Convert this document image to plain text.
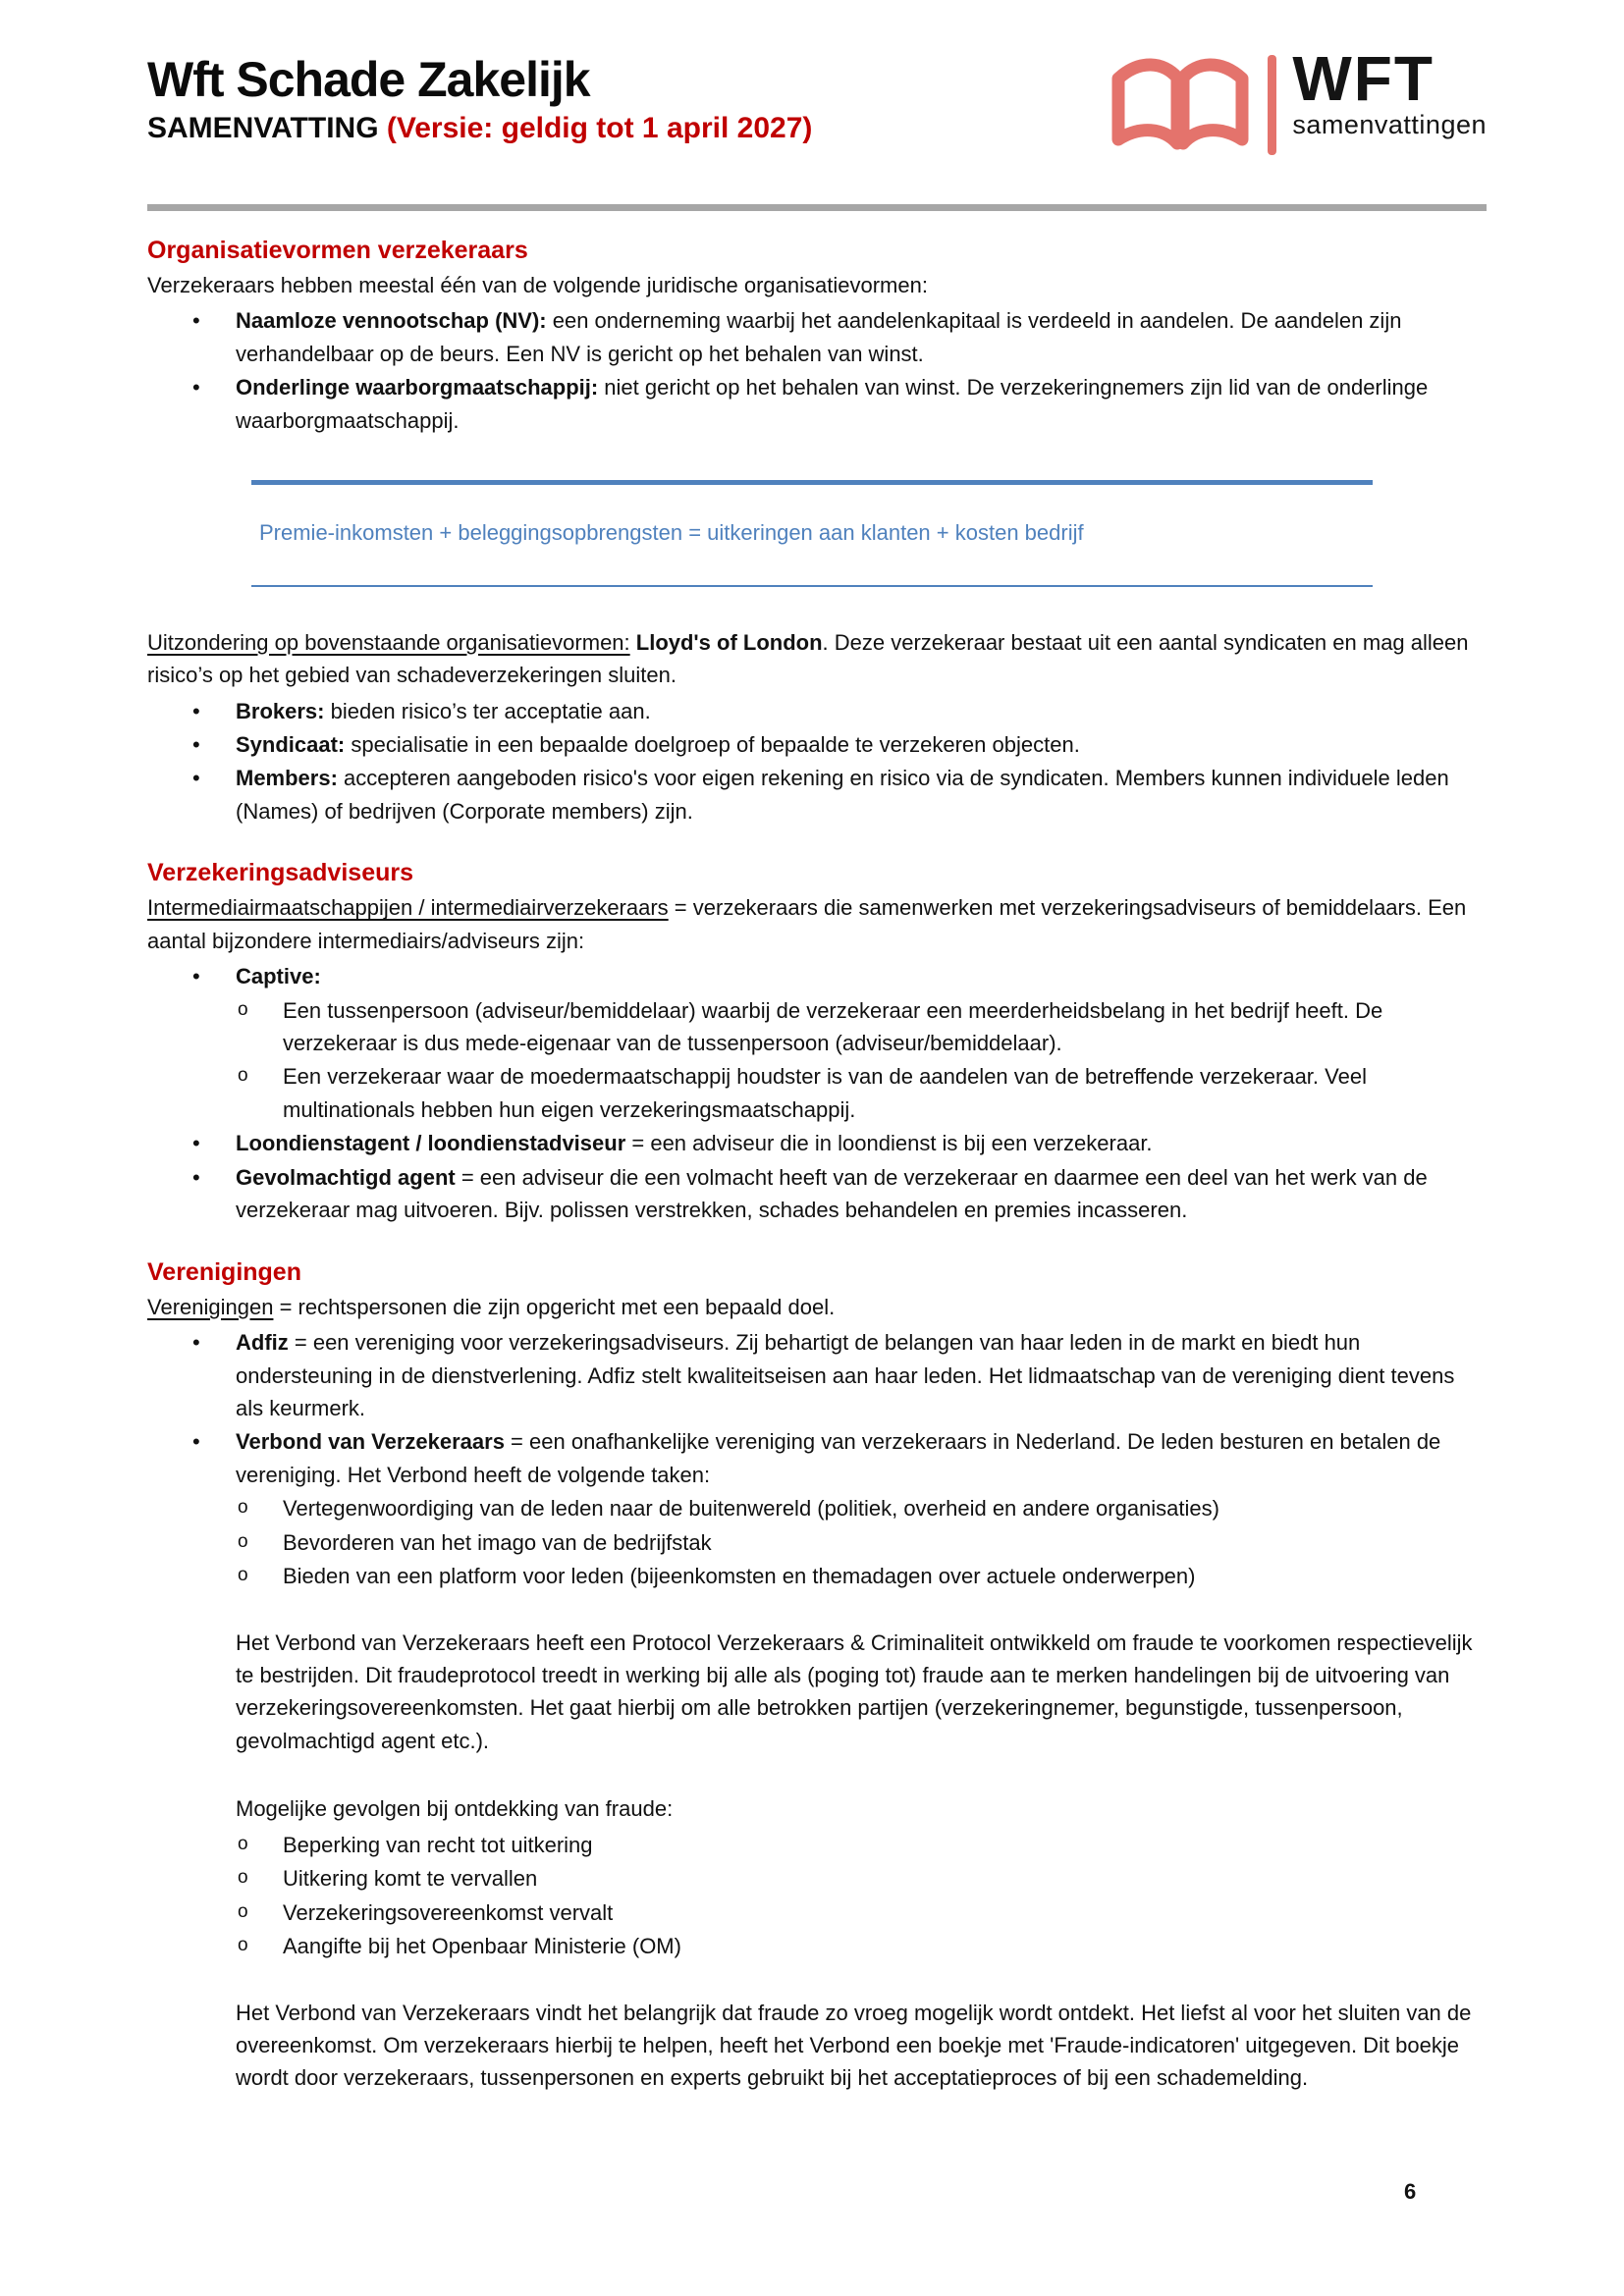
Wft Schade Zakelijk
SAMENVATTING (Versie: geldig tot 1 april 2027)
WFT
samenvattingen
Organisatievormen verzekeraars

Verzekeraars hebben meestal één van de volgende juridische organisatievormen:

•	Naamloze vennootschap (NV): een onderneming waarbij het aandelenkapitaal is verdeeld in aandelen. De aandelen zijn verhandelbaar op de beurs. Een NV is gericht op het behalen van winst.
•	Onderlinge waarborgmaatschappij: niet gericht op het behalen van winst. De verzekeringnemers zijn lid van de onderlinge waarborgmaatschappij.

Premie-inkomsten + beleggingsopbrengsten = uitkeringen aan klanten + kosten bedrijf

Uitzondering op bovenstaande organisatievormen: Lloyd's of London. Deze verzekeraar bestaat uit een aantal syndicaten en mag alleen risico’s op het gebied van schadeverzekeringen sluiten.

•	Brokers: bieden risico’s ter acceptatie aan.
•	Syndicaat: specialisatie in een bepaalde doelgroep of bepaalde te verzekeren objecten.
•	Members: accepteren aangeboden risico's voor eigen rekening en risico via de syndicaten. Members kunnen individuele leden (Names) of bedrijven (Corporate members) zijn.
Verzekeringsadviseurs

Intermediairmaatschappijen / intermediairverzekeraars = verzekeraars die samenwerken met verzekeringsadviseurs of bemiddelaars. Een aantal bijzondere intermediairs/adviseurs zijn:

•	Captive:
o	Een tussenpersoon (adviseur/bemiddelaar) waarbij de verzekeraar een meerderheidsbelang in het bedrijf heeft. De verzekeraar is dus mede-eigenaar van de tussenpersoon (adviseur/bemiddelaar).
o	Een verzekeraar waar de moedermaatschappij houdster is van de aandelen van de betreffende verzekeraar. Veel multinationals hebben hun eigen verzekeringsmaatschappij.
•	Loondienstagent / loondienstadviseur = een adviseur die in loondienst is bij een verzekeraar.
•	Gevolmachtigd agent = een adviseur die een volmacht heeft van de verzekeraar en daarmee een deel van het werk van de verzekeraar mag uitvoeren. Bijv. polissen verstrekken, schades behandelen en premies incasseren.
Verenigingen

Verenigingen = rechtspersonen die zijn opgericht met een bepaald doel.

•	Adfiz = een vereniging voor verzekeringsadviseurs. Zij behartigt de belangen van haar leden in de markt en biedt hun ondersteuning in de dienstverlening. Adfiz stelt kwaliteitseisen aan haar leden. Het lidmaatschap van de vereniging dient tevens als keurmerk.
•	Verbond van Verzekeraars = een onafhankelijke vereniging van verzekeraars in Nederland. De leden besturen en betalen de vereniging. Het Verbond heeft de volgende taken:
o	Vertegenwoordiging van de leden naar de buitenwereld (politiek, overheid en andere organisaties)
o	Bevorderen van het imago van de bedrijfstak
o	Bieden van een platform voor leden (bijeenkomsten en themadagen over actuele onderwerpen)

Het Verbond van Verzekeraars heeft een Protocol Verzekeraars & Criminaliteit ontwikkeld om fraude te voorkomen respectievelijk te bestrijden. Dit fraudeprotocol treedt in werking bij alle als (poging tot) fraude aan te merken handelingen bij de uitvoering van verzekeringsovereenkomsten. Het gaat hierbij om alle betrokken partijen (verzekeringnemer, begunstigde, tussenpersoon, gevolmachtigd agent etc.).

Mogelijke gevolgen bij ontdekking van fraude:

o	Beperking van recht tot uitkering
o	Uitkering komt te vervallen
o	Verzekeringsovereenkomst vervalt
o	Aangifte bij het Openbaar Ministerie (OM)

Het Verbond van Verzekeraars vindt het belangrijk dat fraude zo vroeg mogelijk wordt ontdekt. Het liefst al voor het sluiten van de overeenkomst. Om verzekeraars hierbij te helpen, heeft het Verbond een boekje met 'Fraude-indicatoren' uitgegeven. Dit boekje wordt door verzekeraars, tussenpersonen en experts gebruikt bij het acceptatieproces of bij een schademelding.

6
